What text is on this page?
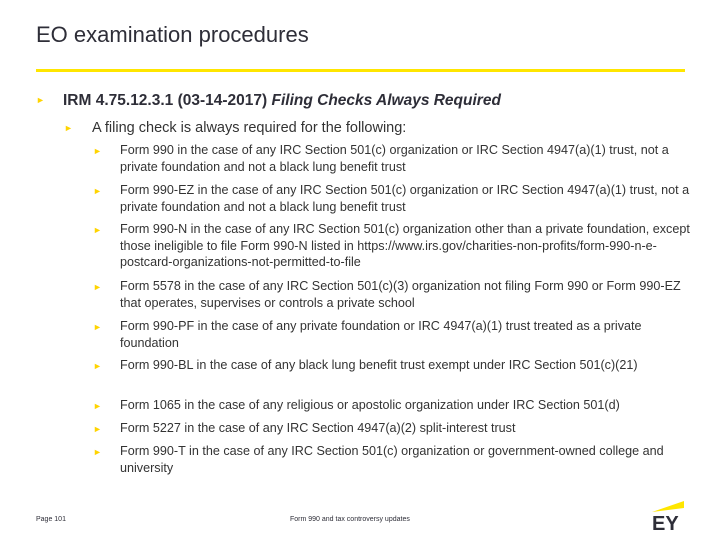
EO examination procedures
► IRM 4.75.12.3.1 (03-14-2017) Filing Checks Always Required
► A filing check is always required for the following:
► Form 990 in the case of any IRC Section 501(c) organization or IRC Section 4947(a)(1) trust, not a private foundation and not a black lung benefit trust
► Form 990-EZ in the case of any IRC Section 501(c) organization or IRC Section 4947(a)(1) trust, not a private foundation and not a black lung benefit trust
► Form 990-N in the case of any IRC Section 501(c) organization other than a private foundation, except those ineligible to file Form 990-N listed in https://www.irs.gov/charities-non-profits/form-990-n-e-postcard-organizations-not-permitted-to-file
► Form 5578 in the case of any IRC Section 501(c)(3) organization not filing Form 990 or Form 990-EZ that operates, supervises or controls a private school
► Form 990-PF in the case of any private foundation or IRC 4947(a)(1) trust treated as a private foundation
► Form 990-BL in the case of any black lung benefit trust exempt under IRC Section 501(c)(21)
► Form 1065 in the case of any religious or apostolic organization under IRC Section 501(d)
► Form 5227 in the case of any IRC Section 4947(a)(2) split-interest trust
► Form 990-T in the case of any IRC Section 501(c) organization or government-owned college and university
Page 101	Form 990 and tax controversy updates	EY
